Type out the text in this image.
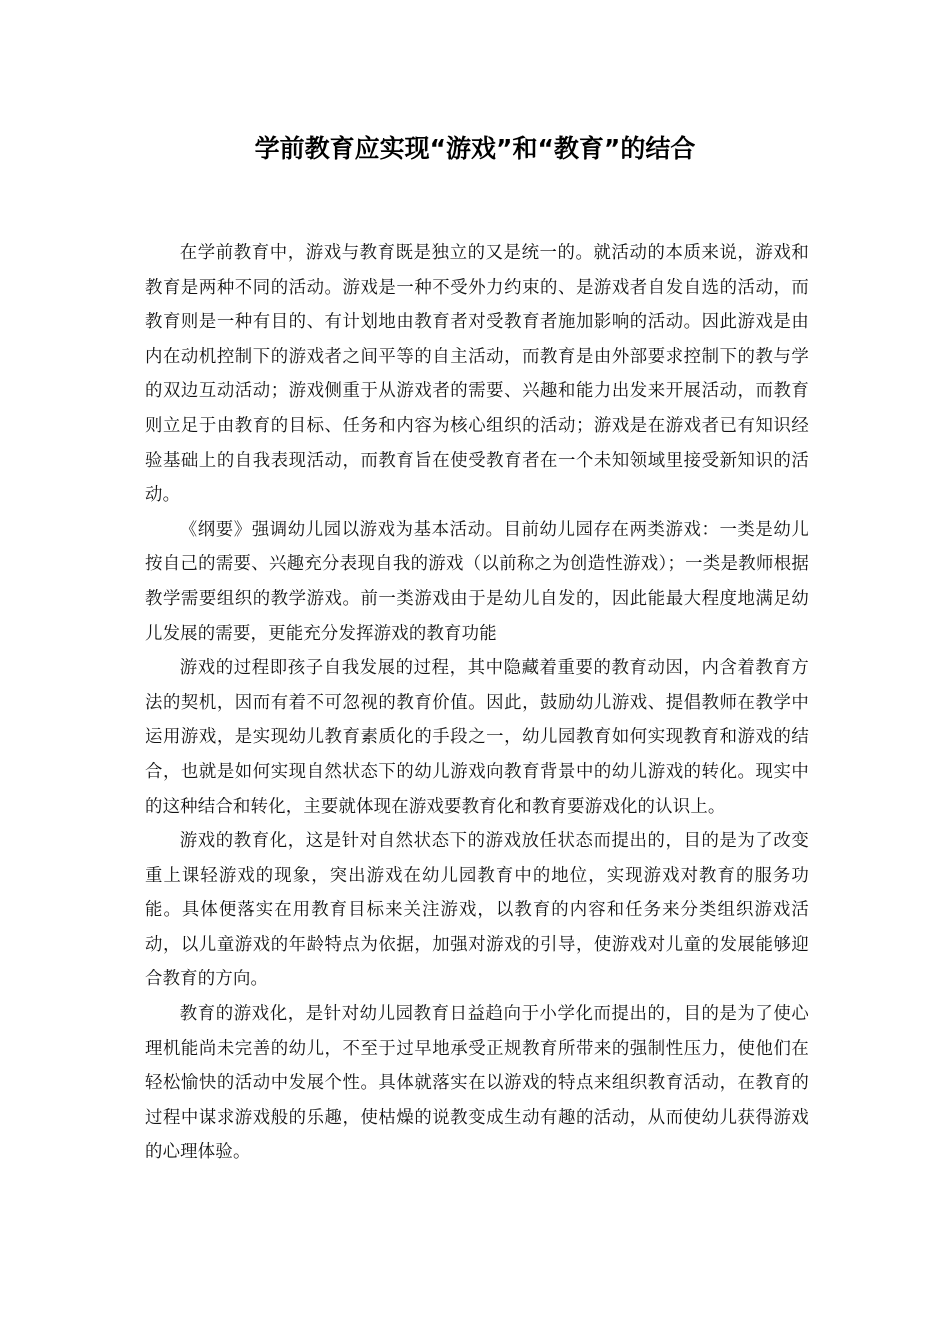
学前教育应实现“游戏”和“教育”的结合

在学前教育中，游戏与教育既是独立的又是统一的。就活动的本质来说，游戏和教育是两种不同的活动。游戏是一种不受外力约束的、是游戏者自发自选的活动，而教育则是一种有目的、有计划地由教育者对受教育者施加影响的活动。因此游戏是由内在动机控制下的游戏者之间平等的自主活动，而教育是由外部要求控制下的教与学的双边互动活动；游戏侧重于从游戏者的需要、兴趣和能力出发来开展活动，而教育则立足于由教育的目标、任务和内容为核心组织的活动；游戏是在游戏者已有知识经验基础上的自我表现活动，而教育旨在使受教育者在一个未知领域里接受新知识的活动。

《纲要》强调幼儿园以游戏为基本活动。目前幼儿园存在两类游戏：一类是幼儿按自己的需要、兴趣充分表现自我的游戏（以前称之为创造性游戏）；一类是教师根据教学需要组织的教学游戏。前一类游戏由于是幼儿自发的，因此能最大程度地满足幼儿发展的需要，更能充分发挥游戏的教育功能

游戏的过程即孩子自我发展的过程，其中隐藏着重要的教育动因，内含着教育方法的契机，因而有着不可忽视的教育价值。因此，鼓励幼儿游戏、提倡教师在教学中运用游戏，是实现幼儿教育素质化的手段之一，幼儿园教育如何实现教育和游戏的结合，也就是如何实现自然状态下的幼儿游戏向教育背景中的幼儿游戏的转化。现实中的这种结合和转化，主要就体现在游戏要教育化和教育要游戏化的认识上。

游戏的教育化，这是针对自然状态下的游戏放任状态而提出的，目的是为了改变重上课轻游戏的现象，突出游戏在幼儿园教育中的地位，实现游戏对教育的服务功能。具体便落实在用教育目标来关注游戏，以教育的内容和任务来分类组织游戏活动，以儿童游戏的年龄特点为依据，加强对游戏的引导，使游戏对儿童的发展能够迎合教育的方向。

教育的游戏化，是针对幼儿园教育日益趋向于小学化而提出的，目的是为了使心理机能尚未完善的幼儿，不至于过早地承受正规教育所带来的强制性压力，使他们在轻松愉快的活动中发展个性。具体就落实在以游戏的特点来组织教育活动，在教育的过程中谋求游戏般的乐趣，使枯燥的说教变成生动有趣的活动，从而使幼儿获得游戏的心理体验。
